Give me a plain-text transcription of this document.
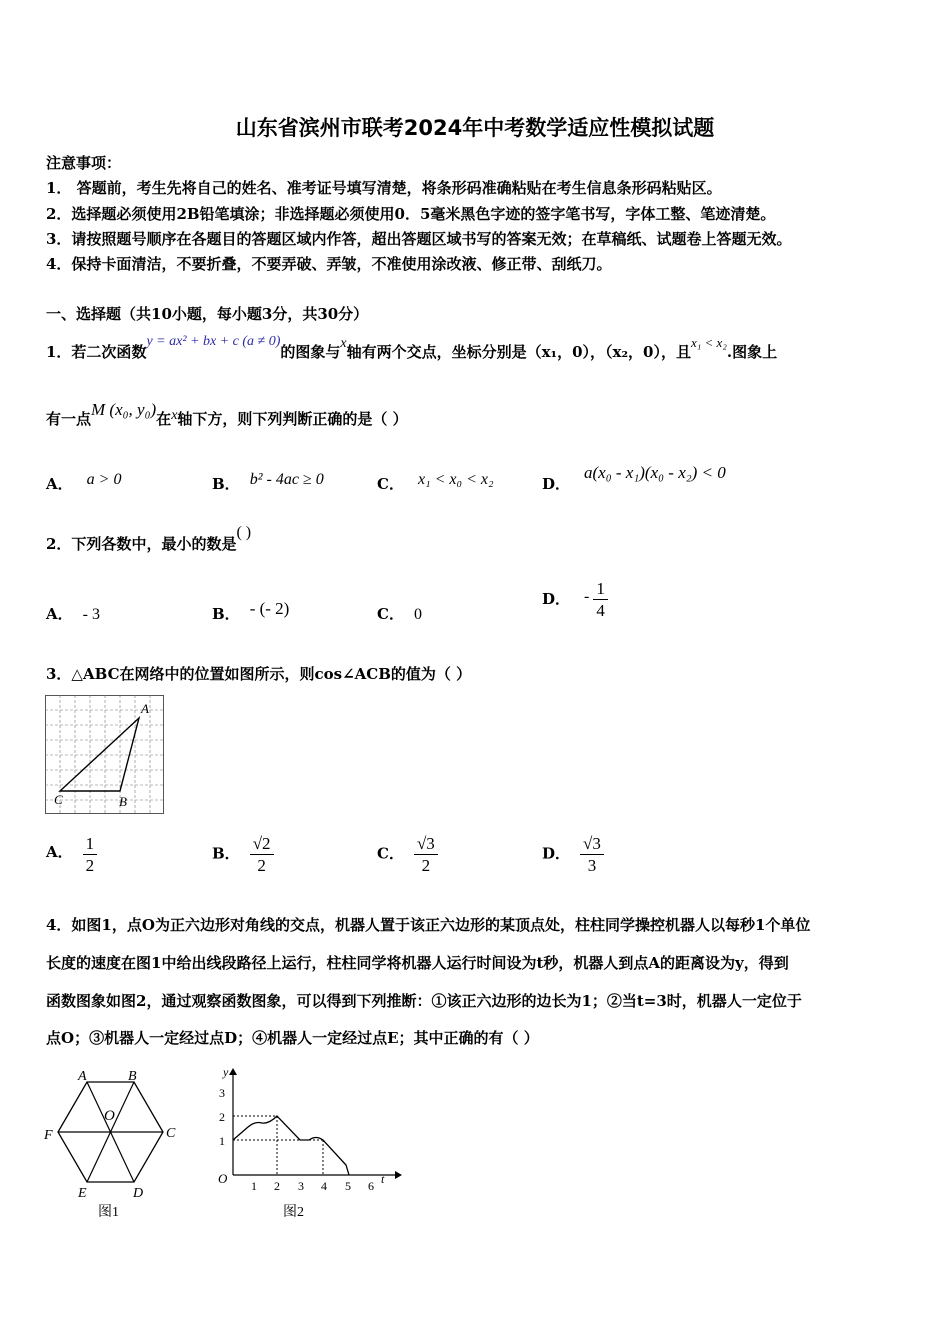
山东省滨州市联考2024年中考数学适应性模拟试题
注意事项：
1． 答题前，考生先将自己的姓名、准考证号填写清楚，将条形码准确粘贴在考生信息条形码粘贴区。
2．选择题必须使用2B铅笔填涂；非选择题必须使用0．5毫米黑色字迹的签字笔书写，字体工整、笔迹清楚。
3．请按照题号顺序在各题目的答题区域内作答，超出答题区域书写的答案无效；在草稿纸、试题卷上答题无效。
4．保持卡面清洁，不要折叠，不要弄破、弄皱，不准使用涂改液、修正带、刮纸刀。
一、选择题（共10小题，每小题3分，共30分）
1．若二次函数y = ax² + bx + c (a ≠ 0)的图象与x轴有两个交点，坐标分别是（x₁，0），（x₂，0），且x₁ < x₂.图象上
有一点M (x₀, y₀)在x轴下方，则下列判断正确的是（ ）
A． a > 0	B． b² - 4ac ≥ 0	C． x₁ < x₀ < x₂	D．a(x₀ - x₁)(x₀ - x₂) < 0
2．下列各数中，最小的数是( )
A． - 3	B． - (- 2)	C． 0
D． - $\frac{1}{4}$
3．△ABC在网络中的位置如图所示，则cos∠ACB的值为（ ）
A
B
C
A． $\frac{1}{2}$	B． $\frac{√2}{2}$	C． $\frac{√3}{2}$	D． $\frac{√3}{3}$
4．如图1，点O为正六边形对角线的交点，机器人置于该正六边形的某顶点处，柱柱同学操控机器人以每秒1个单位
长度的速度在图1中给出线段路径上运行，柱柱同学将机器人运行时间设为t秒，机器人到点A的距离设为y，得到
函数图象如图2，通过观察函数图象，可以得到下列推断：①该正六边形的边长为1；②当t=3时，机器人一定位于
点O；③机器人一定经过点D；④机器人一定经过点E；其中正确的有（ ）
A	B
C
D
E
F
O
图1
y
t
O 1 2 3 4 5 6
1
2
3
图2
